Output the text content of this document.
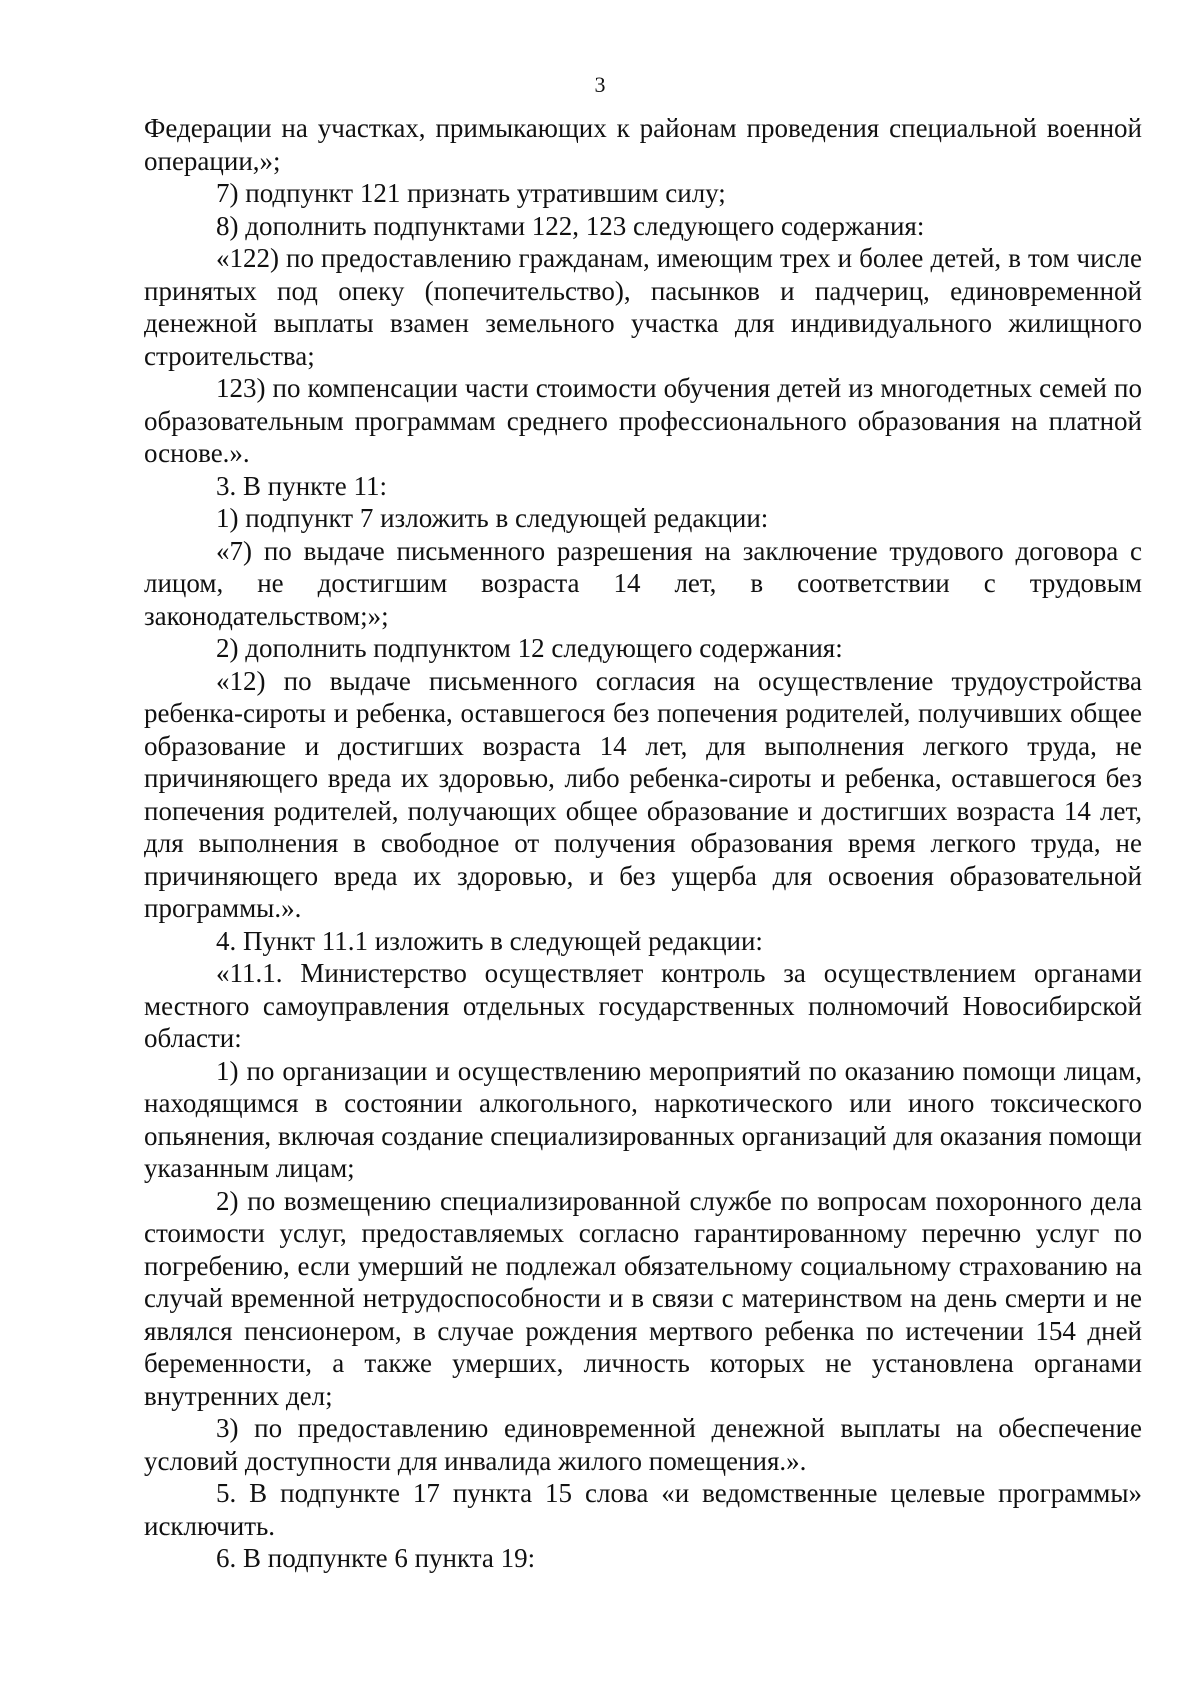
3

Федерации на участках, примыкающих к районам проведения специальной военной операции,»;

7) подпункт 121 признать утратившим силу;

8) дополнить подпунктами 122, 123 следующего содержания:

«122) по предоставлению гражданам, имеющим трех и более детей, в том числе принятых под опеку (попечительство), пасынков и падчериц, единовременной денежной выплаты взамен земельного участка для индивидуального жилищного строительства;

123) по компенсации части стоимости обучения детей из многодетных семей по образовательным программам среднего профессионального образования на платной основе.».

3. В пункте 11:

1) подпункт 7 изложить в следующей редакции:

«7) по выдаче письменного разрешения на заключение трудового договора с лицом, не достигшим возраста 14 лет, в соответствии с трудовым законодательством;»;

2) дополнить подпунктом 12 следующего содержания:

«12) по выдаче письменного согласия на осуществление трудоустройства ребенка-сироты и ребенка, оставшегося без попечения родителей, получивших общее образование и достигших возраста 14 лет, для выполнения легкого труда, не причиняющего вреда их здоровью, либо ребенка-сироты и ребенка, оставшегося без попечения родителей, получающих общее образование и достигших возраста 14 лет, для выполнения в свободное от получения образования время легкого труда, не причиняющего вреда их здоровью, и без ущерба для освоения образовательной программы.».

4. Пункт 11.1 изложить в следующей редакции:

«11.1. Министерство осуществляет контроль за осуществлением органами местного самоуправления отдельных государственных полномочий Новосибирской области:

1) по организации и осуществлению мероприятий по оказанию помощи лицам, находящимся в состоянии алкогольного, наркотического или иного токсического опьянения, включая создание специализированных организаций для оказания помощи указанным лицам;

2) по возмещению специализированной службе по вопросам похоронного дела стоимости услуг, предоставляемых согласно гарантированному перечню услуг по погребению, если умерший не подлежал обязательному социальному страхованию на случай временной нетрудоспособности и в связи с материнством на день смерти и не являлся пенсионером, в случае рождения мертвого ребенка по истечении 154 дней беременности, а также умерших, личность которых не установлена органами внутренних дел;

3) по предоставлению единовременной денежной выплаты на обеспечение условий доступности для инвалида жилого помещения.».

5. В подпункте 17 пункта 15 слова «и ведомственные целевые программы» исключить.

6. В подпункте 6 пункта 19:
